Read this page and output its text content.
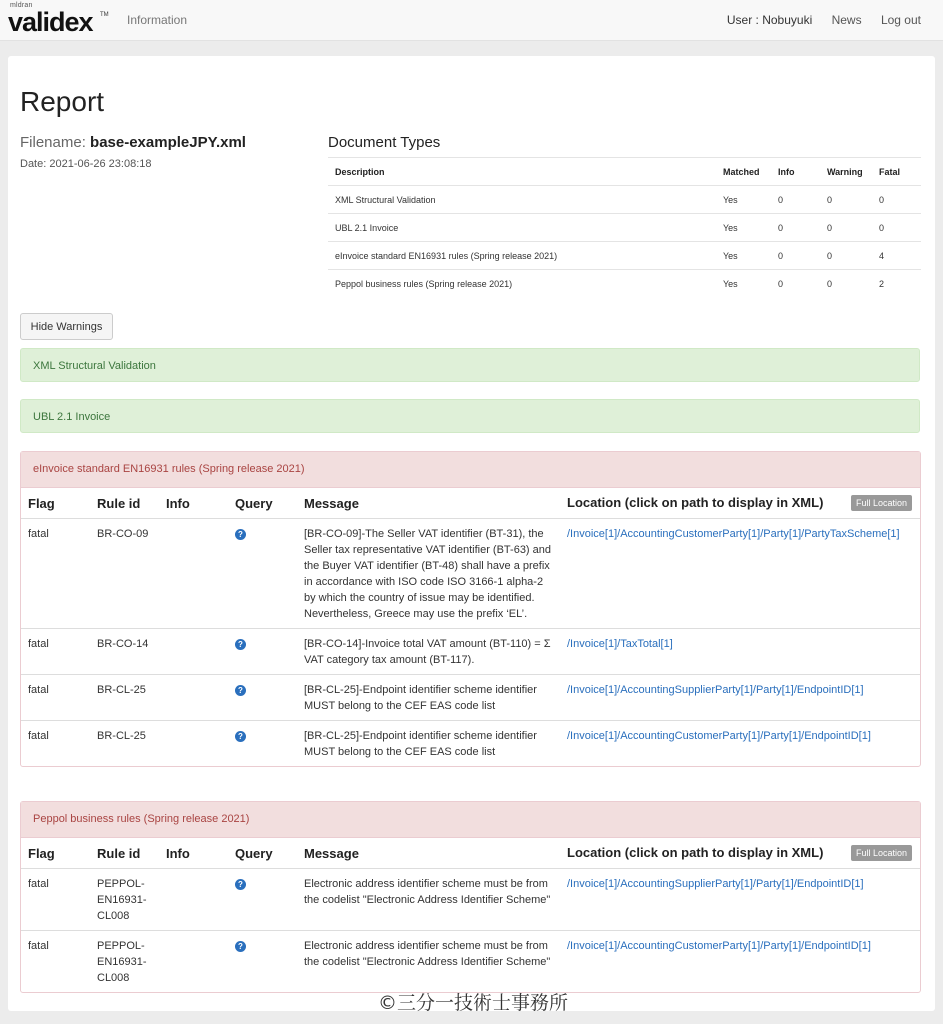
mldran
validex TM Information	User : Nobuyuki News Log out
Report
Filename: base-exampleJPY.xml
Date: 2021-06-26 23:08:18
Document Types
Description	Matched	Info	Warning	Fatal
XML Structural Validation	Yes	0	0	0
UBL 2.1 Invoice	Yes	0	0	0
eInvoice standard EN16931 rules (Spring release 2021)	Yes	0	0	4
Peppol business rules (Spring release 2021)	Yes	0	0	2
Hide Warnings
XML Structural Validation
UBL 2.1 Invoice
eInvoice standard EN16931 rules (Spring release 2021)
Flag	Rule id	Info	Query	Message	Location (click on path to display in XML) Full Location

fatal	BR-CO-09		?	[BR-CO-09]-The Seller VAT identifier (BT-31), the Seller tax representative VAT identifier (BT-63) and the Buyer VAT identifier (BT-48) shall have a prefix in accordance with ISO code ISO 3166-1 alpha-2 by which the country of issue may be identified. Nevertheless, Greece may use the prefix ‘EL’.	/Invoice[1]/AccountingCustomerParty[1]/Party[1]/PartyTaxScheme[1]
fatal	BR-CO-14		?	[BR-CO-14]-Invoice total VAT amount (BT-110) = Σ VAT category tax amount (BT-117).	/Invoice[1]/TaxTotal[1]
fatal	BR-CL-25		?	[BR-CL-25]-Endpoint identifier scheme identifier MUST belong to the CEF EAS code list	/Invoice[1]/AccountingSupplierParty[1]/Party[1]/EndpointID[1]
fatal	BR-CL-25		?	[BR-CL-25]-Endpoint identifier scheme identifier MUST belong to the CEF EAS code list	/Invoice[1]/AccountingCustomerParty[1]/Party[1]/EndpointID[1]
Peppol business rules (Spring release 2021)
Flag	Rule id	Info	Query	Message	Location (click on path to display in XML) Full Location

fatal	PEPPOL-EN16931-CL008		?	Electronic address identifier scheme must be from the codelist "Electronic Address Identifier Scheme"	/Invoice[1]/AccountingSupplierParty[1]/Party[1]/EndpointID[1]
fatal	PEPPOL-EN16931-CL008		?	Electronic address identifier scheme must be from the codelist "Electronic Address Identifier Scheme"	/Invoice[1]/AccountingCustomerParty[1]/Party[1]/EndpointID[1]
©三分一技術士事務所
